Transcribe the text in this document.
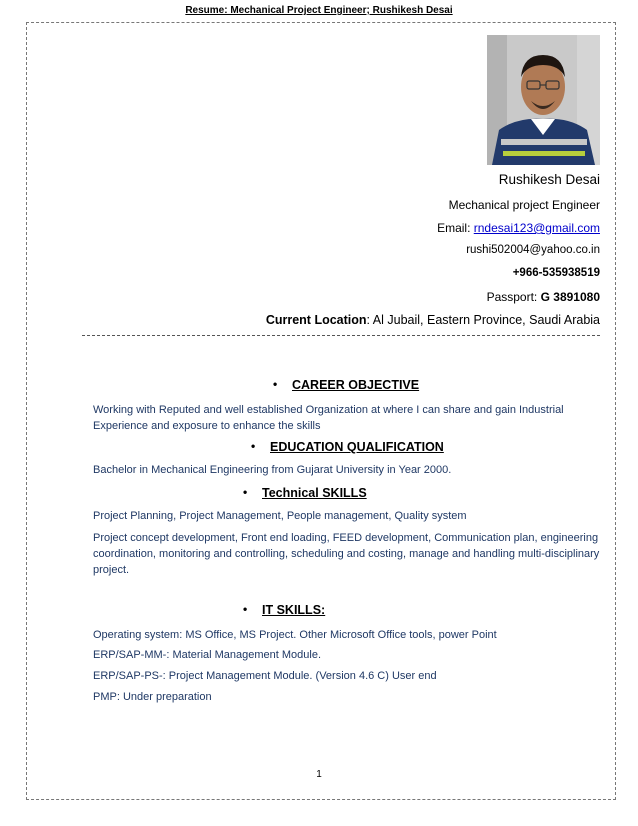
Resume: Mechanical Project Engineer; Rushikesh Desai
Rushikesh Desai
Mechanical project Engineer
Email: rndesai123@gmail.com
rushi502004@yahoo.co.in
+966-535938519
Passport: G 3891080
Current Location: Al Jubail, Eastern Province, Saudi Arabia
• CAREER OBJECTIVE
Working with Reputed and well established Organization at where I can share and gain Industrial Experience and exposure to enhance the skills
• EDUCATION QUALIFICATION
Bachelor in Mechanical Engineering from Gujarat University in Year 2000.
• Technical SKILLS
Project Planning, Project Management, People management, Quality system
Project concept development, Front end loading, FEED development, Communication plan, engineering coordination, monitoring and controlling, scheduling and costing, manage and handling multi-disciplinary project.
• IT SKILLS:
Operating system: MS Office, MS Project. Other Microsoft Office tools, power Point
ERP/SAP-MM-: Material Management Module.
ERP/SAP-PS-: Project Management Module. (Version 4.6 C) User end
PMP: Under preparation
1
